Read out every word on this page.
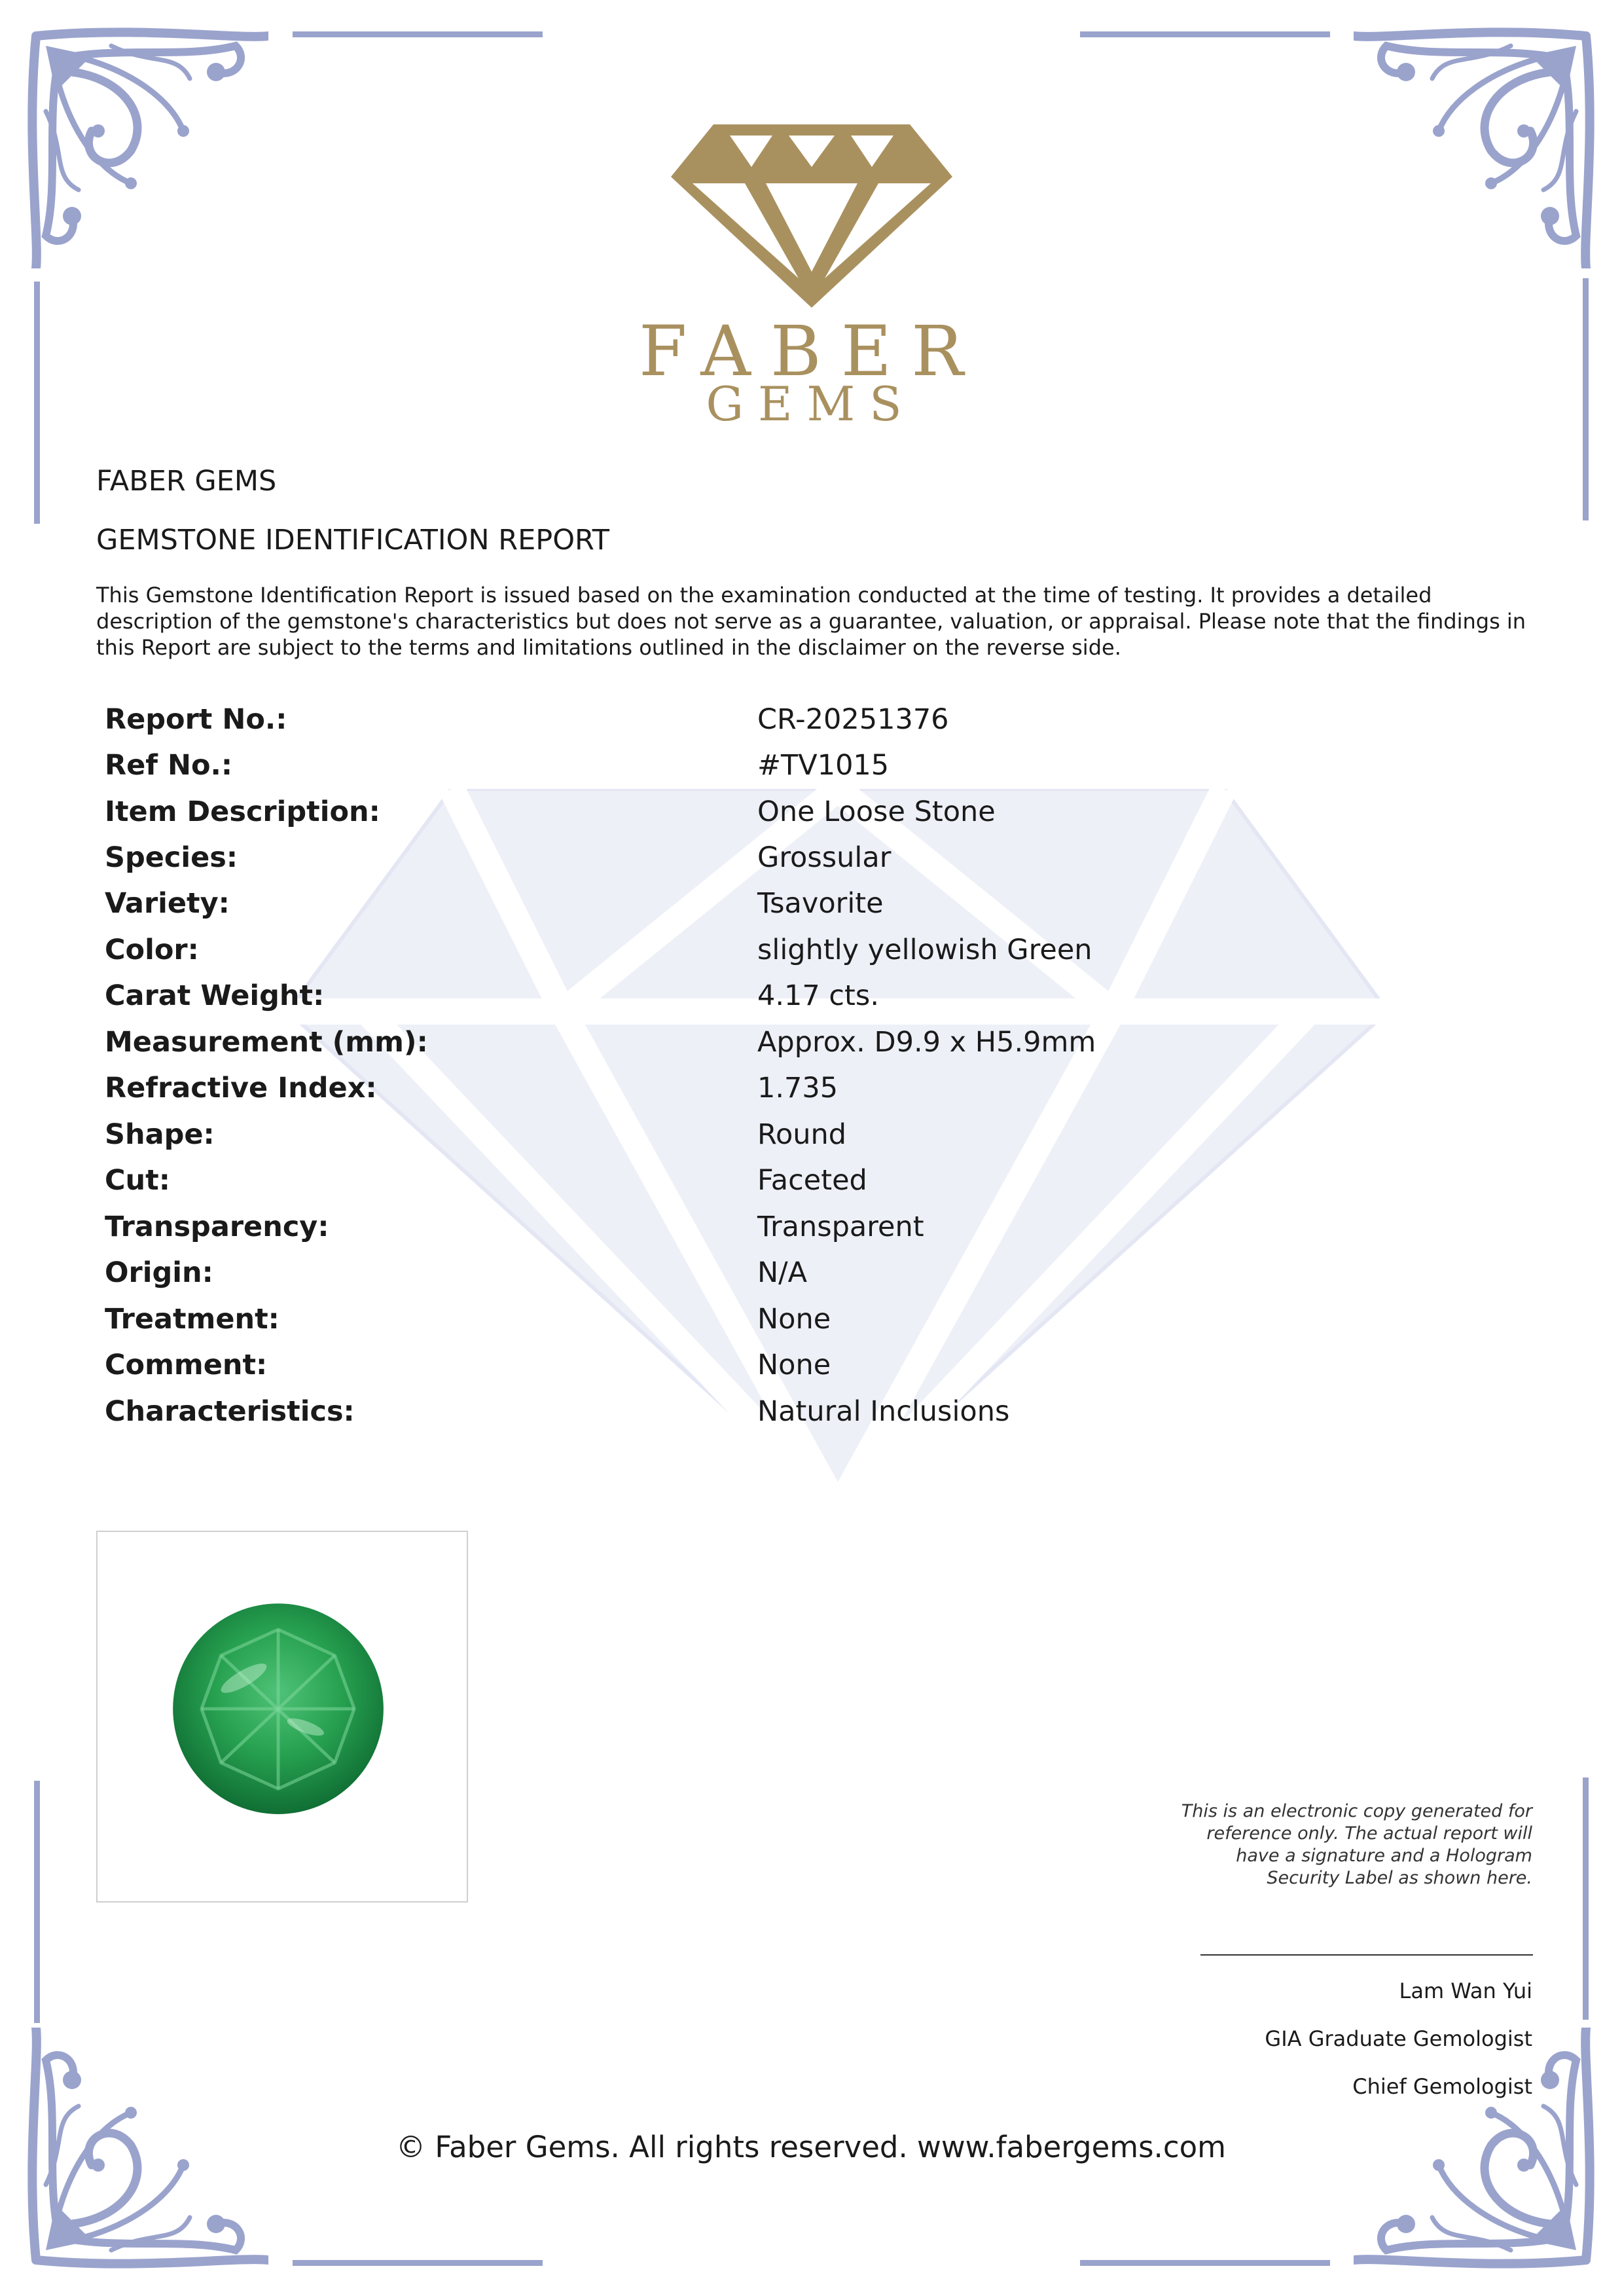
FABER
GEMS
FABER GEMS
GEMSTONE IDENTIFICATION REPORT
This Gemstone Identification Report is issued based on the examination conducted at the time of testing. It provides a detailed description of the gemstone's characteristics but does not serve as a guarantee, valuation, or appraisal. Please note that the findings in this Report are subject to the terms and limitations outlined in the disclaimer on the reverse side.
Report No.:	CR-20251376
Ref No.:	#TV1015
Item Description:	One Loose Stone
Species:	Grossular
Variety:	Tsavorite
Color:	slightly yellowish Green
Carat Weight:	4.17 cts.
Measurement (mm):	Approx. D9.9 x H5.9mm
Refractive Index:	1.735
Shape:	Round
Cut:	Faceted
Transparency:	Transparent
Origin:	N/A
Treatment:	None
Comment:	None
Characteristics:	Natural Inclusions
This is an electronic copy generated for reference only. The actual report will have a signature and a Hologram Security Label as shown here.
Lam Wan Yui
GIA Graduate Gemologist
Chief Gemologist
© Faber Gems. All rights reserved. www.fabergems.com
